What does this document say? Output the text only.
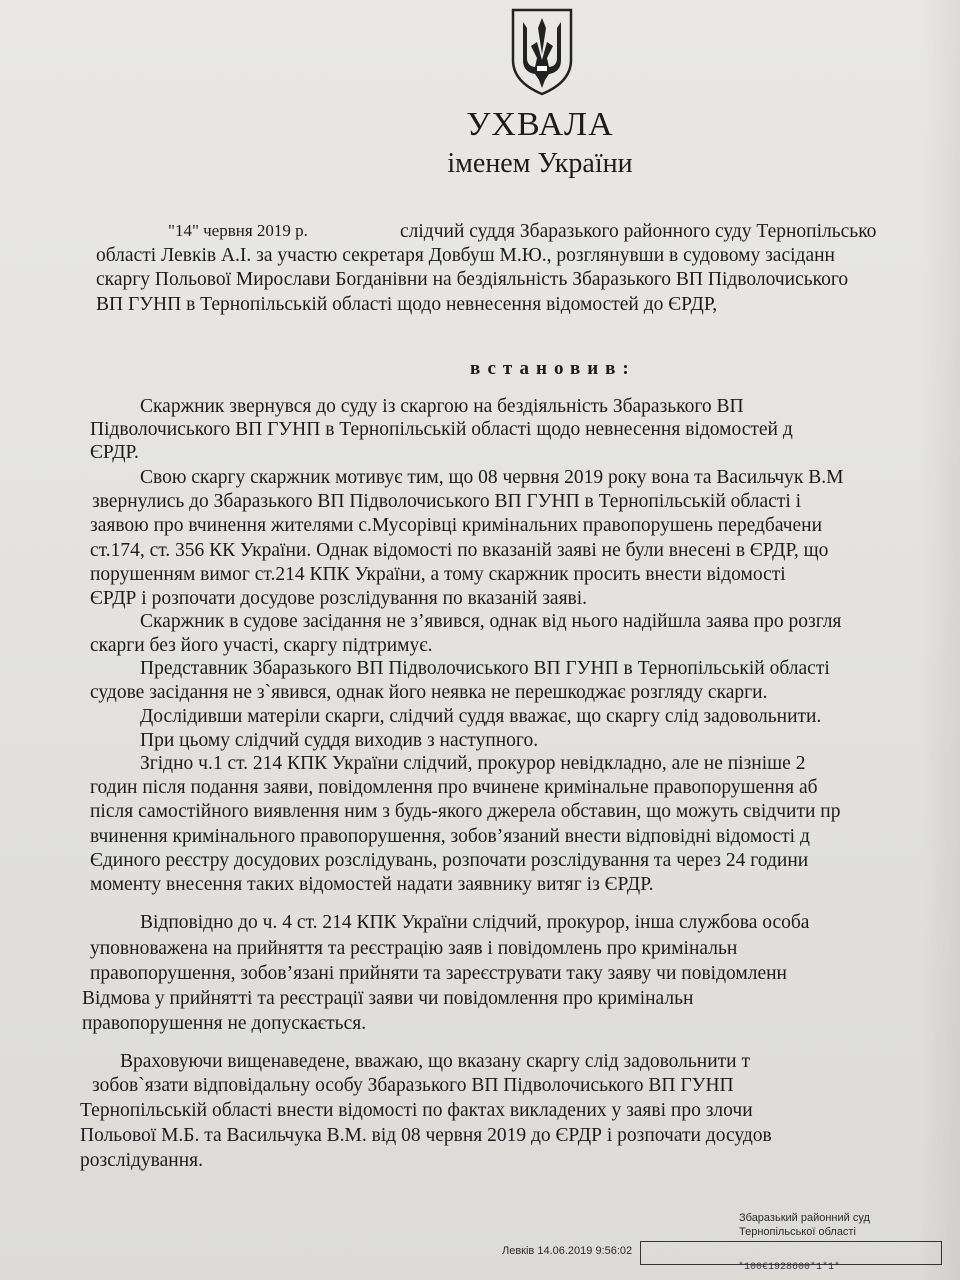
УХВАЛА
іменем України
"14" червня 2019 р.	слідчий суддя Збаразького районного суду Тернопільсько
області Левків А.І. за участю секретаря Довбуш М.Ю., розглянувши в судовому засіданн
скаргу Польової Мирослави Богданівни на бездіяльність Збаразького ВП Підволочиського
ВП ГУНП в Тернопільській області щодо невнесення відомостей до ЄРДР,
встановив:
Скаржник звернувся до суду із скаргою на бездіяльність Збаразького ВП
Підволочиського ВП ГУНП в Тернопільській області щодо невнесення відомостей д
ЄРДР.
Свою скаргу скаржник мотивує тим, що 08 червня 2019 року вона та Васильчук В.М
звернулись до Збаразького ВП Підволочиського ВП ГУНП в Тернопільській області і
заявою про вчинення жителями с.Мусорівці кримінальних правопорушень передбачени
ст.174, ст. 356 КК України. Однак відомості по вказаній заяві не були внесені в ЄРДР, що
порушенням вимог ст.214 КПК України, а тому скаржник просить внести відомості
ЄРДР і розпочати досудове розслідування по вказаній заяві.
Скаржник в судове засідання не з’явився, однак від нього надійшла заява про розгля
скарги без його участі, скаргу підтримує.
Представник Збаразького ВП Підволочиського ВП ГУНП в Тернопільській області
судове засідання не з`явився, однак його неявка не перешкоджає розгляду скарги.
Дослідивши матеріли скарги, слідчий суддя вважає, що скаргу слід задовольнити.
При цьому слідчий суддя виходив з наступного.
Згідно ч.1 ст. 214 КПК України слідчий, прокурор невідкладно, але не пізніше 2
годин після подання заяви, повідомлення про вчинене кримінальне правопорушення аб
після самостійного виявлення ним з будь-якого джерела обставин, що можуть свідчити пр
вчинення кримінального правопорушення, зобов’язаний внести відповідні відомості д
Єдиного реєстру досудових розслідувань, розпочати розслідування та через 24 години
моменту внесення таких відомостей надати заявнику витяг із ЄРДР.
Відповідно до ч. 4 ст. 214 КПК України слідчий, прокурор, інша службова особа
уповноважена на прийняття та реєстрацію заяв і повідомлень про кримінальн
правопорушення, зобов’язані прийняти та зареєструвати таку заяву чи повідомленн
Відмова у прийнятті та реєстрації заяви чи повідомлення про кримінальн
правопорушення не допускається.
Враховуючи вищенаведене, вважаю, що вказану скаргу слід задовольнити т
зобов`язати відповідальну особу Збаразького ВП Підволочиського ВП ГУНП
Тернопільській області внести відомості по фактах викладених у заяві про злочи
Польової М.Б. та Васильчука В.М. від 08 червня 2019 до ЄРДР і розпочати досудов
розслідування.
Збаразький районний суд
Тернопільської області
Левків 14.06.2019 9:56:02
*100€1928600*1*1*
